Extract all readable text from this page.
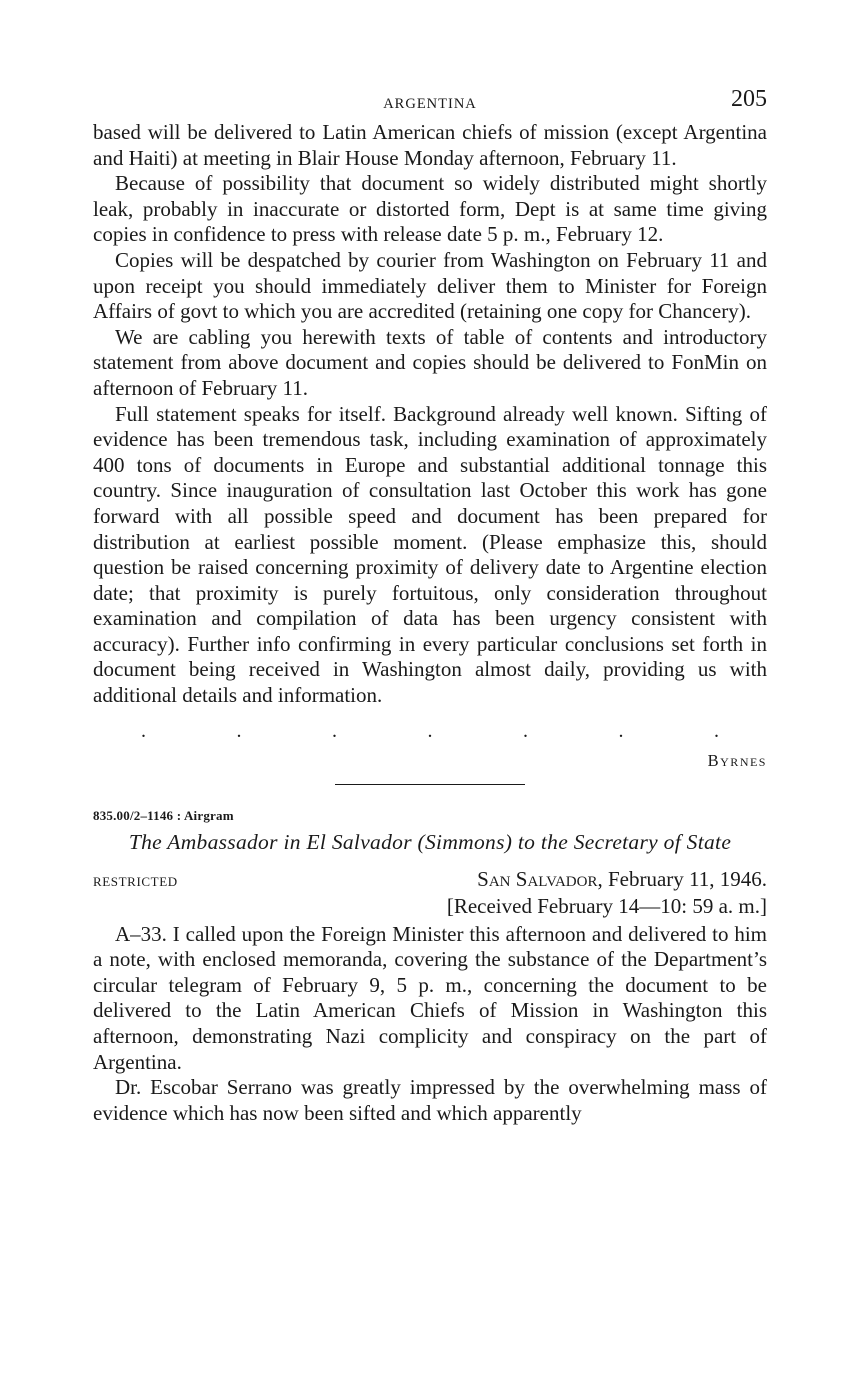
ARGENTINA	205

based will be delivered to Latin American chiefs of mission (except Argentina and Haiti) at meeting in Blair House Monday afternoon, February 11.

Because of possibility that document so widely distributed might shortly leak, probably in inaccurate or distorted form, Dept is at same time giving copies in confidence to press with release date 5 p. m., February 12.

Copies will be despatched by courier from Washington on February 11 and upon receipt you should immediately deliver them to Minister for Foreign Affairs of govt to which you are accredited (retaining one copy for Chancery).

We are cabling you herewith texts of table of contents and introductory statement from above document and copies should be delivered to FonMin on afternoon of February 11.

Full statement speaks for itself. Background already well known. Sifting of evidence has been tremendous task, including examination of approximately 400 tons of documents in Europe and substantial additional tonnage this country. Since inauguration of consultation last October this work has gone forward with all possible speed and document has been prepared for distribution at earliest possible moment. (Please emphasize this, should question be raised concerning proximity of delivery date to Argentine election date; that proximity is purely fortuitous, only consideration throughout examination and compilation of data has been urgency consistent with accuracy). Further info confirming in every particular conclusions set forth in document being received in Washington almost daily, providing us with additional details and information.

.	.	.	.	.	.	.
Byrnes
835.00/2–1146 : Airgram
The Ambassador in El Salvador (Simmons) to the Secretary of State
RESTRICTED	San Salvador, February 11, 1946.
[Received February 14—10: 59 a. m.]

A–33. I called upon the Foreign Minister this afternoon and delivered to him a note, with enclosed memoranda, covering the substance of the Department’s circular telegram of February 9, 5 p. m., concerning the document to be delivered to the Latin American Chiefs of Mission in Washington this afternoon, demonstrating Nazi complicity and conspiracy on the part of Argentina.

Dr. Escobar Serrano was greatly impressed by the overwhelming mass of evidence which has now been sifted and which apparently
